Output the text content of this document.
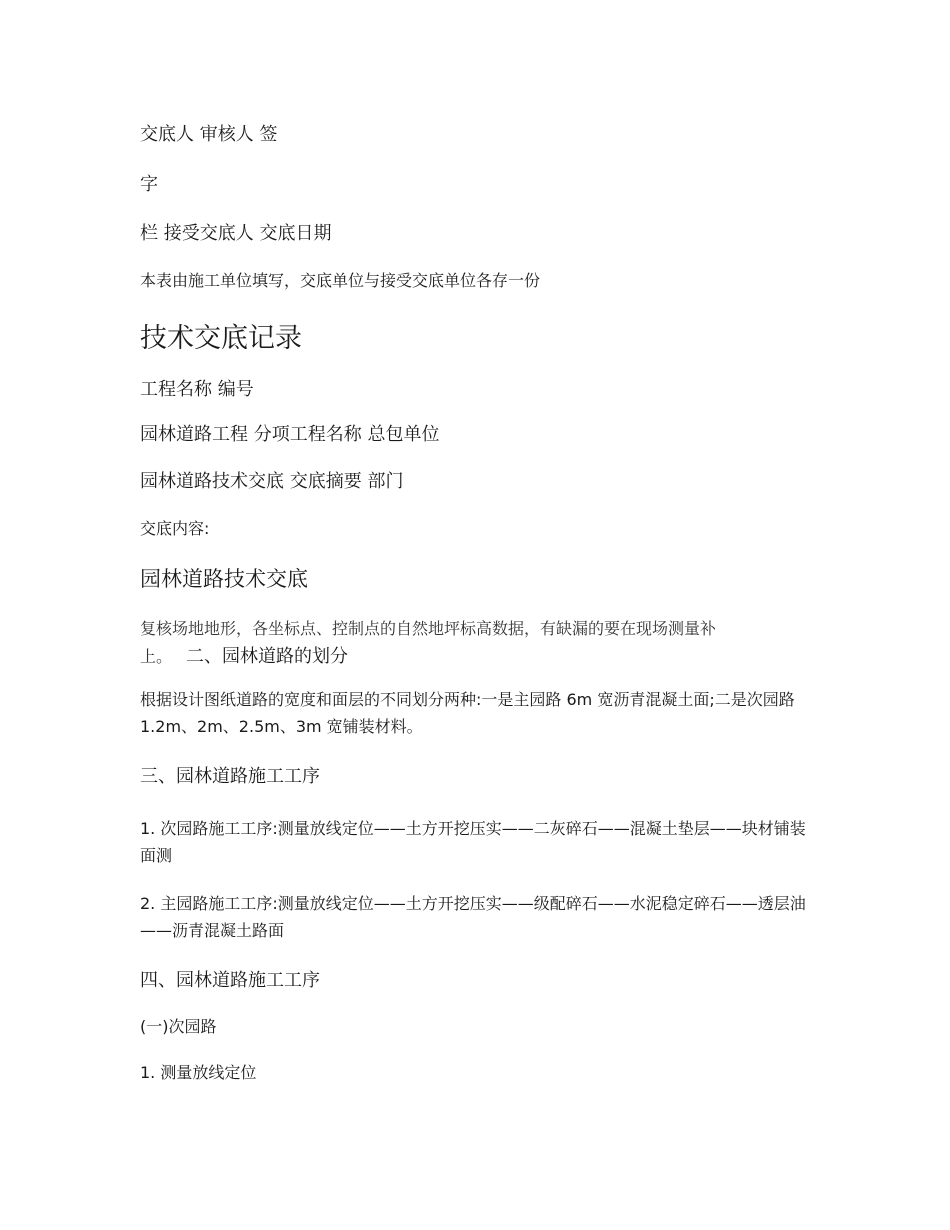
交底人 审核人 签

字

栏 接受交底人 交底日期

本表由施工单位填写，交底单位与接受交底单位各存一份

技术交底记录

工程名称 编号

园林道路工程 分项工程名称 总包单位

园林道路技术交底 交底摘要 部门

交底内容:

园林道路技术交底

复核场地地形，各坐标点、控制点的自然地坪标高数据，有缺漏的要在现场测量补

上。 二、园林道路的划分

根据设计图纸道路的宽度和面层的不同划分两种:一是主园路 6m 宽沥青混凝土面;二是次园路 1.2m、2m、2.5m、3m 宽铺装材料。

三、园林道路施工工序

1. 次园路施工工序:测量放线定位——土方开挖压实——二灰碎石——混凝土垫层——块材铺装面测

2. 主园路施工工序:测量放线定位——土方开挖压实——级配碎石——水泥稳定碎石——透层油——沥青混凝土路面

四、园林道路施工工序

(一)次园路

1. 测量放线定位
